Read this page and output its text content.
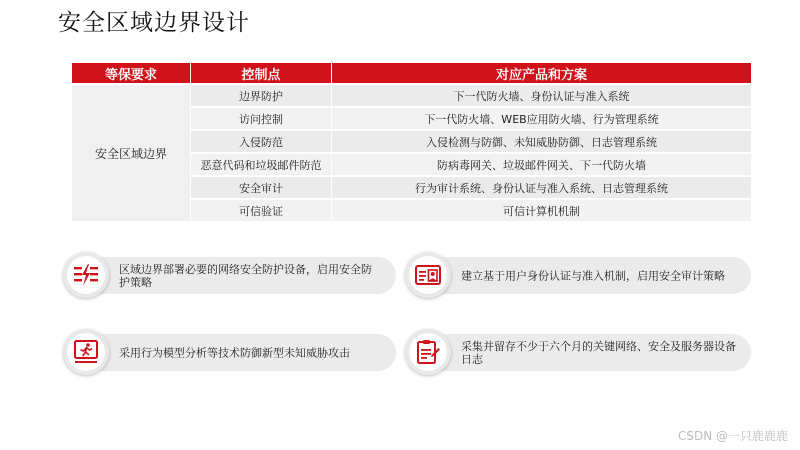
安全区域边界设计
等保要求	控制点	对应产品和方案
安全区域边界	边界防护	下一代防火墙、身份认证与准入系统
	访问控制	下一代防火墙、WEB应用防火墙、行为管理系统
	入侵防范	入侵检测与防御、未知威胁防御、日志管理系统
	恶意代码和垃圾邮件防范	防病毒网关、垃圾邮件网关、下一代防火墙
	安全审计	行为审计系统、身份认证与准入系统、日志管理系统
	可信验证	可信计算机机制
区域边界部署必要的网络安全防护设备，启用安全防护策略	建立基于用户身份认证与准入机制，启用安全审计策略
采用行为模型分析等技术防御新型未知威胁攻击	采集并留存不少于六个月的关键网络、安全及服务器设备日志
CSDN @一只鹿鹿鹿
